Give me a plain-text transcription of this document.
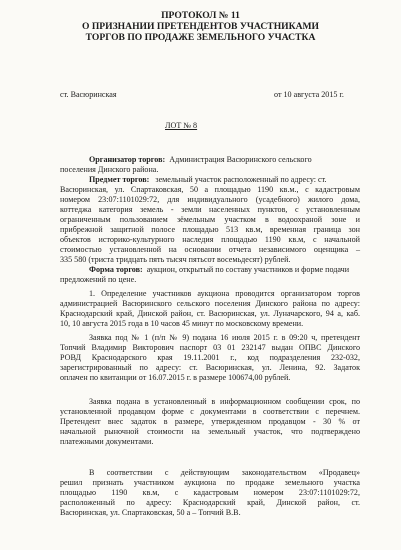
ПРОТОКОЛ № 11
О ПРИЗНАНИИ ПРЕТЕНДЕНТОВ УЧАСТНИКАМИ
ТОРГОВ ПО ПРОДАЖЕ ЗЕМЕЛЬНОГО УЧАСТКА
ст. Васюринская	от 10 августа 2015 г.
ЛОТ № 8
Организатор торгов: Администрация Васюринского сельского
поселения Динского района.
Предмет торгов: земельный участок расположенный по адресу: ст.
Васюринская, ул. Спартаковская, 50 а площадью 1190 кв.м., с кадастровым
номером 23:07:1101029:72, для индивидуального (усадебного) жилого дома,
коттеджа категория земель - земли населенных пунктов, с установленным
ограниченным пользованием зёмельным участком в водоохраной зоне и
прибрежной защитной полосе площадью 513 кв.м, временная граница зон
объектов историко-культурного наследия площадью 1190 кв.м, с начальной
стоимостью установленной на основании отчета независимого оценщика –
335 580 (триста тридцать пять тысяч пятьсот восемьдесят) рублей.
Форма торгов: аукцион, открытый по составу участников и форме подачи
предложений по цене.
1. Определение участников аукциона проводится организатором торгов
администрацией Васюринского сельского поселения Динского района по адресу:
Краснодарский край, Динской район, ст. Васюринская, ул. Луначарского, 94 а, каб.
10, 10 августа 2015 года в 10 часов 45 минут по московскому времени.
Заявка под № 1 (п/п № 9) подана 16 июля 2015 г. в 09:20 ч, претендент
Топчий Владимир Викторович паспорт 03 01 232147 выдан ОПВС Динского
РОВД Краснодарского края 19.11.2001 г., код подразделения 232-032,
зарегистрированный по адресу: ст. Васюринская, ул. Ленина, 92. Задаток
оплачен по квитанции от 16.07.2015 г. в размере 100674,00 рублей.
Заявка подана в установленный в информационном сообщении срок, по
установленной продавцом форме с документами в соответствии с перечнем.
Претендент внес задаток в размере, утвержденном продавцом - 30 % от
начальной рыночной стоимости на земельный участок, что подтверждено
платежными документами.
В соответствии с действующим законодательством «Продавец»
решил признать участником аукциона по продаже земельного участка
площадью 1190 кв.м, с кадастровым номером 23:07:1101029:72,
расположенный по адресу: Краснодарский край, Динской район, ст.
Васюринская, ул. Спартаковская, 50 а – Топчий В.В.
